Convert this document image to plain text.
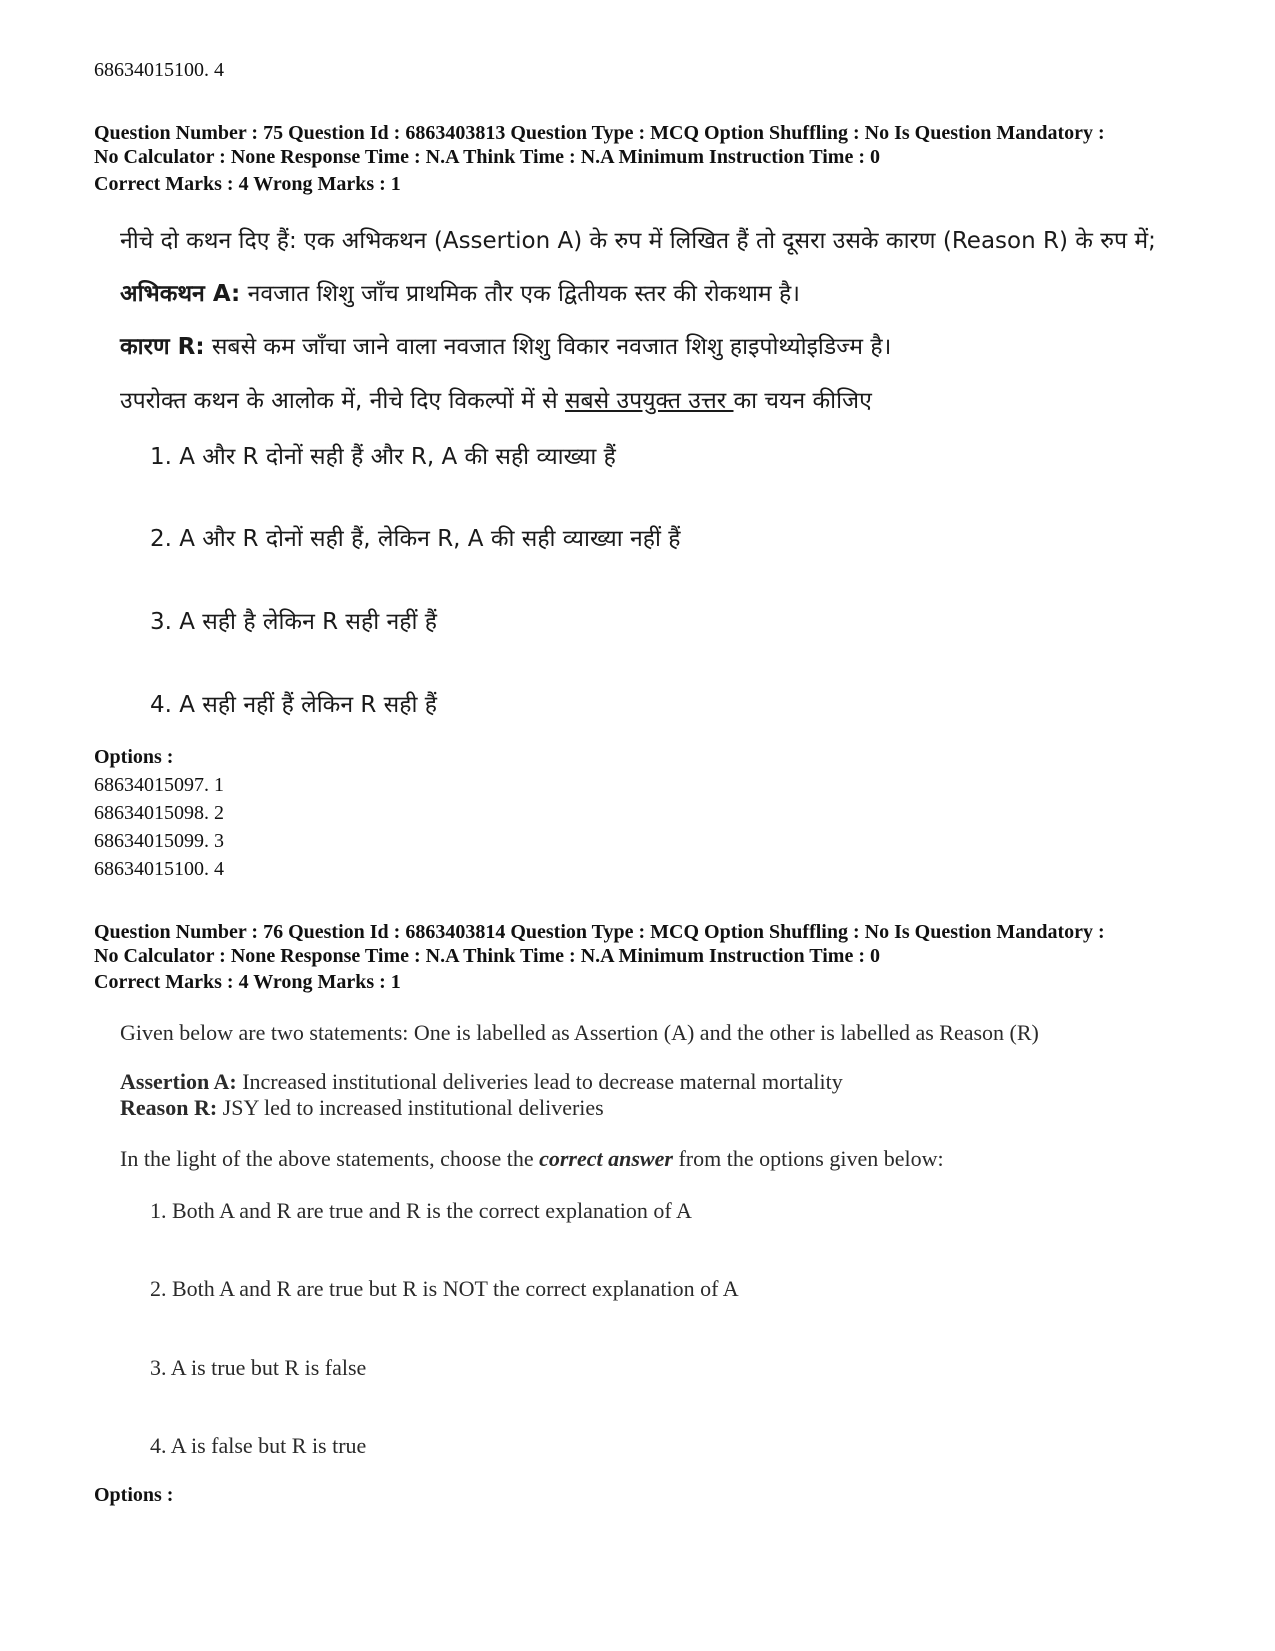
68634015100. 4
Question Number : 75 Question Id : 6863403813 Question Type : MCQ Option Shuffling : No Is Question Mandatory :
No Calculator : None Response Time : N.A Think Time : N.A Minimum Instruction Time : 0
Correct Marks : 4 Wrong Marks : 1
नीचे दो कथन दिए हैं: एक अभिकथन (Assertion A) के रुप में लिखित हैं तो दूसरा उसके कारण (Reason R) के रुप में;
अभिकथन A: नवजात शिशु जाँच प्राथमिक तौर एक द्वितीयक स्तर की रोकथाम है।
कारण R: सबसे कम जाँचा जाने वाला नवजात शिशु विकार नवजात शिशु हाइपोथ्योइडिज्म है।
उपरोक्त कथन के आलोक में, नीचे दिए विकल्पों में से सबसे उपयुक्त उत्तर का चयन कीजिए
1. A और R दोनों सही हैं और R, A की सही व्याख्या हैं
2. A और R दोनों सही हैं, लेकिन R, A की सही व्याख्या नहीं हैं
3. A सही है लेकिन R सही नहीं हैं
4. A सही नहीं हैं लेकिन R सही हैं
Options :
68634015097. 1
68634015098. 2
68634015099. 3
68634015100. 4
Question Number : 76 Question Id : 6863403814 Question Type : MCQ Option Shuffling : No Is Question Mandatory :
No Calculator : None Response Time : N.A Think Time : N.A Minimum Instruction Time : 0
Correct Marks : 4 Wrong Marks : 1
Given below are two statements: One is labelled as Assertion (A) and the other is labelled as Reason (R)
Assertion A: Increased institutional deliveries lead to decrease maternal mortality
Reason R: JSY led to increased institutional deliveries
In the light of the above statements, choose the correct answer from the options given below:
1. Both A and R are true and R is the correct explanation of A
2. Both A and R are true but R is NOT the correct explanation of A
3. A is true but R is false
4. A is false but R is true
Options :
